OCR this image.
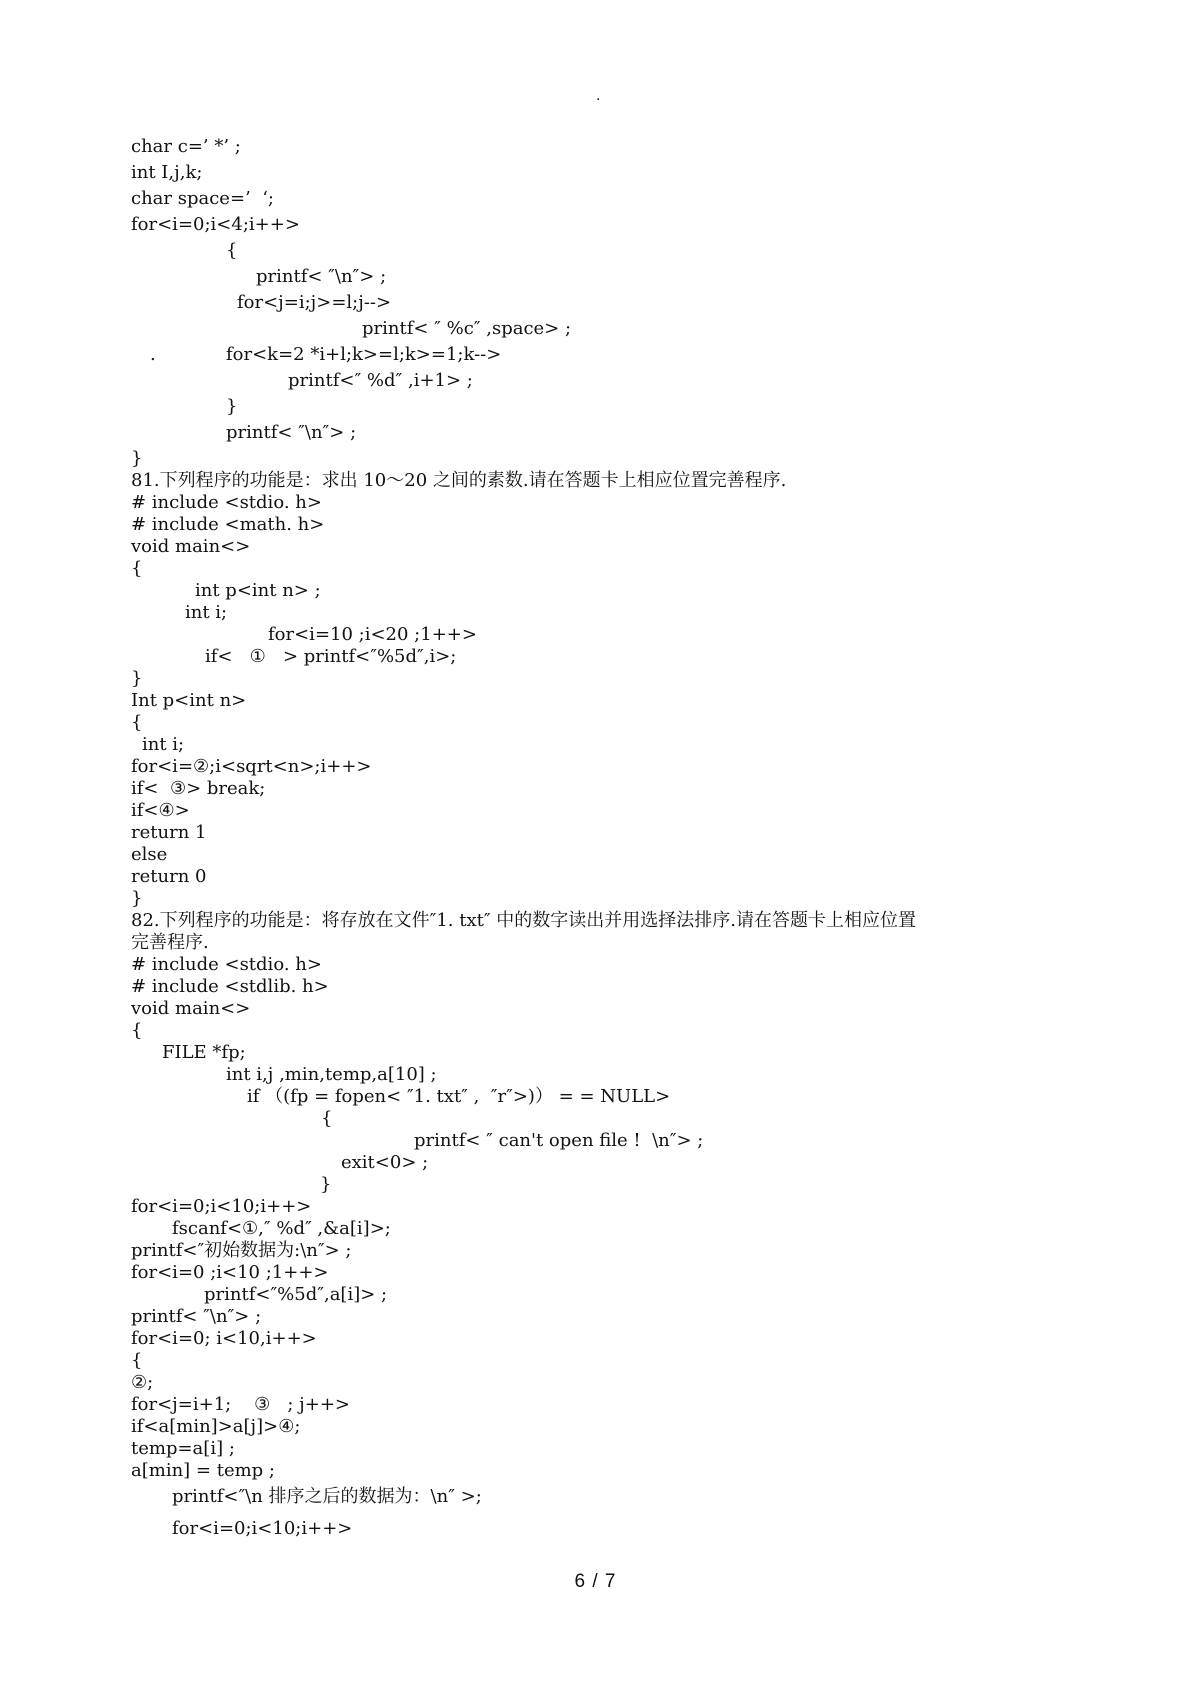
.
char c=’ *’ ;
int I,j,k;
char space=’  ‘;
for<i=0;i<4;i++>
{
printf< ″\n″> ;
for<j=i;j>=l;j-->
printf< ″ %c″ ,space> ;
.	for<k=2 *i+l;k>=l;k>=1;k-->
printf<″ %d″ ,i+1> ;
}
printf< ″\n″> ;
}
81.下列程序的功能是：求出 10～20 之间的素数.请在答题卡上相应位置完善程序.
# include <stdio. h>
# include <math. h>
void main<>
{
int p<int n> ;
int i;
for<i=10 ;i<20 ;1++>
if<   ①   > printf<″%5d″,i>;
}
Int p<int n>
{
int i;
for<i=②;i<sqrt<n>;i++>
if<  ③> break;
if<④>
return 1
else
return 0
}
82.下列程序的功能是：将存放在文件″1. txt″ 中的数字读出并用选择法排序.请在答题卡上相应位置
完善程序.
# include <stdio. h>
# include <stdlib. h>
void main<>
{
FILE *fp;
int i,j ,min,temp,a[10] ;
if （(fp = fopen< ″1. txt″ ,  ″r″>)） = = NULL>
{
printf< ″ can't open file !  \n″> ;
exit<0> ;
}
for<i=0;i<10;i++>
fscanf<①,″ %d″ ,&a[i]>;
printf<″初始数据为:\n″> ;
for<i=0 ;i<10 ;1++>
printf<″%5d″,a[i]> ;
printf< ″\n″> ;
for<i=0; i<10,i++>
{
②;
for<j=i+1;    ③   ; j++>
if<a[min]>a[j]>④;
temp=a[i] ;
a[min] = temp ;
printf<″\n 排序之后的数据为：\n″ >;
for<i=0;i<10;i++>
6 / 7
